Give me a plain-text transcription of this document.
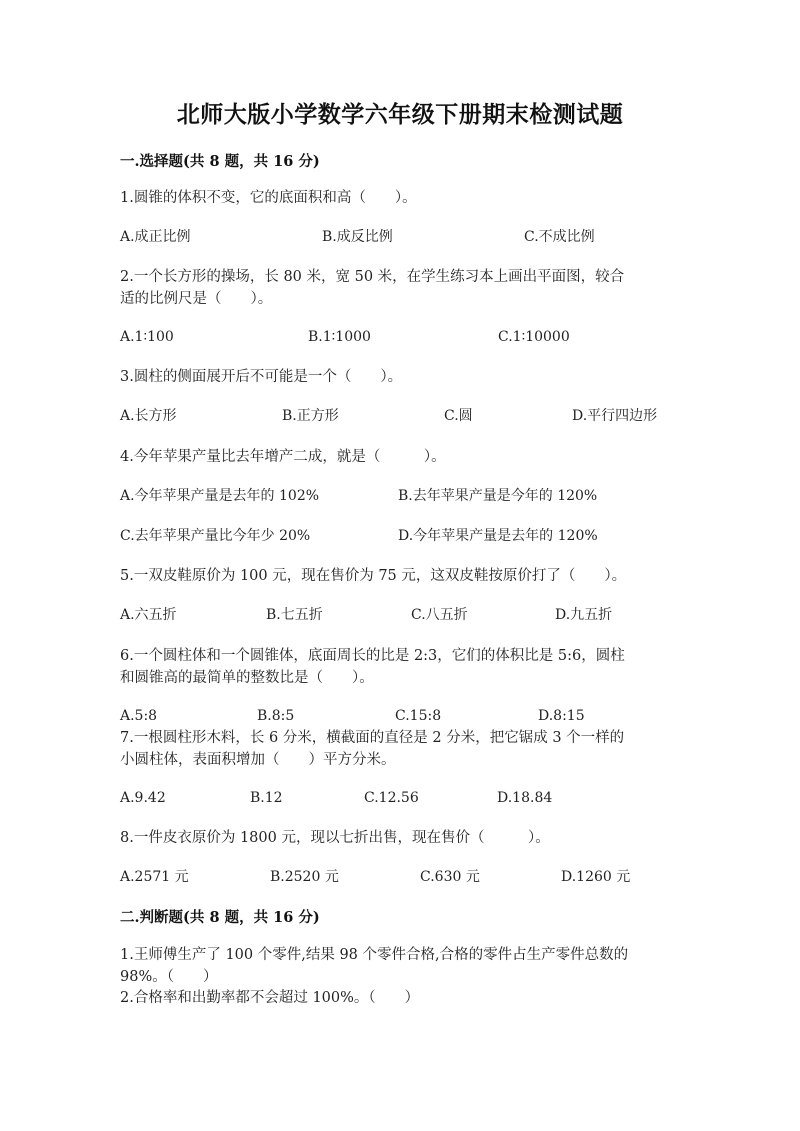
北师大版小学数学六年级下册期末检测试题
一.选择题(共 8 题，共 16 分)
1.圆锥的体积不变，它的底面积和高（　　）。
A.成正比例	B.成反比例	C.不成比例
2.一个长方形的操场，长 80 米，宽 50 米，在学生练习本上画出平面图，较合
适的比例尺是（　　）。
A.1∶100	B.1∶1000	C.1∶10000
3.圆柱的侧面展开后不可能是一个（　　）。
A.长方形	B.正方形	C.圆	D.平行四边形
4.今年苹果产量比去年增产二成，就是（　　　）。
A.今年苹果产量是去年的 102%	B.去年苹果产量是今年的 120%
C.去年苹果产量比今年少 20%	D.今年苹果产量是去年的 120%
5.一双皮鞋原价为 100 元，现在售价为 75 元，这双皮鞋按原价打了（　　）。
A.六五折	B.七五折	C.八五折	D.九五折
6.一个圆柱体和一个圆锥体，底面周长的比是 2:3，它们的体积比是 5:6，圆柱
和圆锥高的最简单的整数比是（　　）。
A.5:8	B.8:5	C.15:8	D.8:15
7.一根圆柱形木料，长 6 分米，横截面的直径是 2 分米，把它锯成 3 个一样的
小圆柱体，表面积增加（　　）平方分米。
A.9.42	B.12	C.12.56	D.18.84
8.一件皮衣原价为 1800 元，现以七折出售，现在售价（　　　）。
A.2571 元	B.2520 元	C.630 元	D.1260 元
二.判断题(共 8 题，共 16 分)
1.王师傅生产了 100 个零件,结果 98 个零件合格,合格的零件占生产零件总数的
98%。（　　）
2.合格率和出勤率都不会超过 100%。（　　）
